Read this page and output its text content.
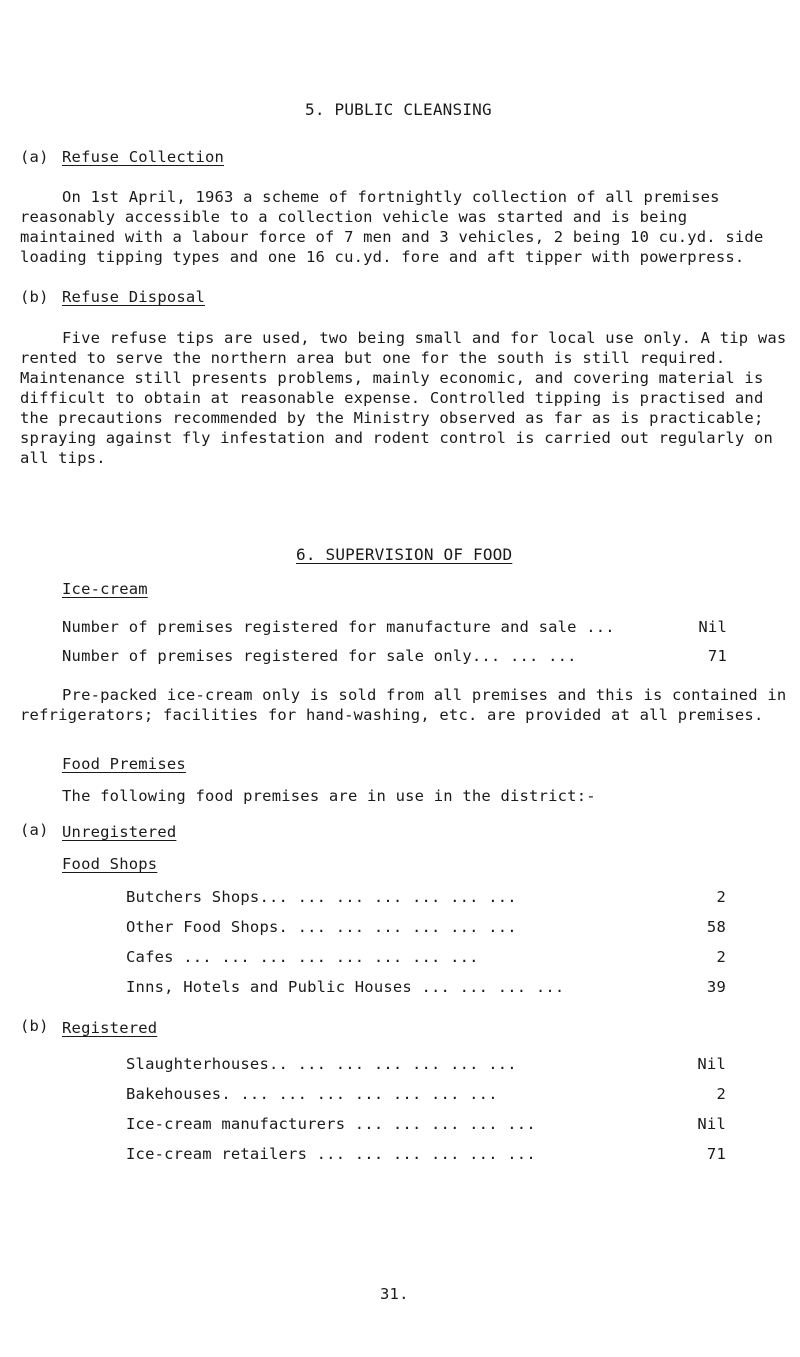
5. PUBLIC CLEANSING
(a) Refuse Collection
On 1st April, 1963 a scheme of fortnightly collection of all premises reasonably accessible to a collection vehicle was started and is being maintained with a labour force of 7 men and 3 vehicles, 2 being 10 cu.yd. side loading tipping types and one 16 cu.yd. fore and aft tipper with powerpress.
(b) Refuse Disposal
Five refuse tips are used, two being small and for local use only. A tip was rented to serve the northern area but one for the south is still required. Maintenance still presents problems, mainly economic, and covering material is difficult to obtain at reasonable expense. Controlled tipping is practised and the precautions recommended by the Ministry observed as far as is practicable; spraying against fly infestation and rodent control is carried out regularly on all tips.
6. SUPERVISION OF FOOD
Ice-cream
Number of premises registered for manufacture and sale ...	Nil
Number of premises registered for sale only... ... ...	71
Pre-packed ice-cream only is sold from all premises and this is contained in refrigerators; facilities for hand-washing, etc. are provided at all premises.
Food Premises
The following food premises are in use in the district:-
(a) Unregistered
Food Shops
Butchers Shops... ... ... ... ... ... ...	2
Other Food Shops. ... ... ... ... ... ...	58
Cafes ... ... ... ... ... ... ... ...	2
Inns, Hotels and Public Houses ... ... ... ...	39
(b) Registered
Slaughterhouses.. ... ... ... ... ... ...	Nil
Bakehouses. ... ... ... ... ... ... ...	2
Ice-cream manufacturers ... ... ... ... ...	Nil
Ice-cream retailers ... ... ... ... ... ...	71
31.
